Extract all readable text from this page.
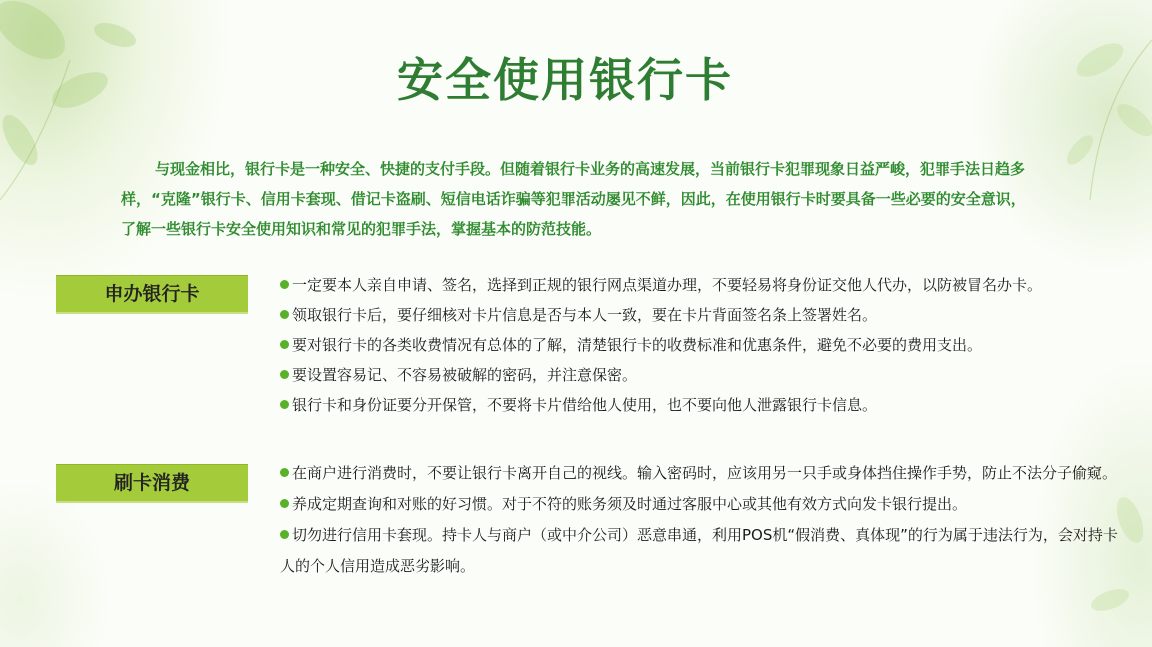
安全使用银行卡
与现金相比，银行卡是一种安全、快捷的支付手段。但随着银行卡业务的高速发展，当前银行卡犯罪现象日益严峻，犯罪手法日趋多样，“克隆”银行卡、信用卡套现、借记卡盗刷、短信电话诈骗等犯罪活动屡见不鲜，因此，在使用银行卡时要具备一些必要的安全意识，了解一些银行卡安全使用知识和常见的犯罪手法，掌握基本的防范技能。
申办银行卡	一定要本人亲自申请、签名，选择到正规的银行网点渠道办理，不要轻易将身份证交他人代办，以防被冒名办卡。
领取银行卡后，要仔细核对卡片信息是否与本人一致，要在卡片背面签名条上签署姓名。
要对银行卡的各类收费情况有总体的了解，清楚银行卡的收费标准和优惠条件，避免不必要的费用支出。
要设置容易记、不容易被破解的密码，并注意保密。
银行卡和身份证要分开保管，不要将卡片借给他人使用，也不要向他人泄露银行卡信息。
刷卡消费	在商户进行消费时，不要让银行卡离开自己的视线。输入密码时，应该用另一只手或身体挡住操作手势，防止不法分子偷窥。
养成定期查询和对账的好习惯。对于不符的账务须及时通过客服中心或其他有效方式向发卡银行提出。
切勿进行信用卡套现。持卡人与商户（或中介公司）恶意串通，利用POS机“假消费、真体现”的行为属于违法行为，会对持卡人的个人信用造成恶劣影响。
